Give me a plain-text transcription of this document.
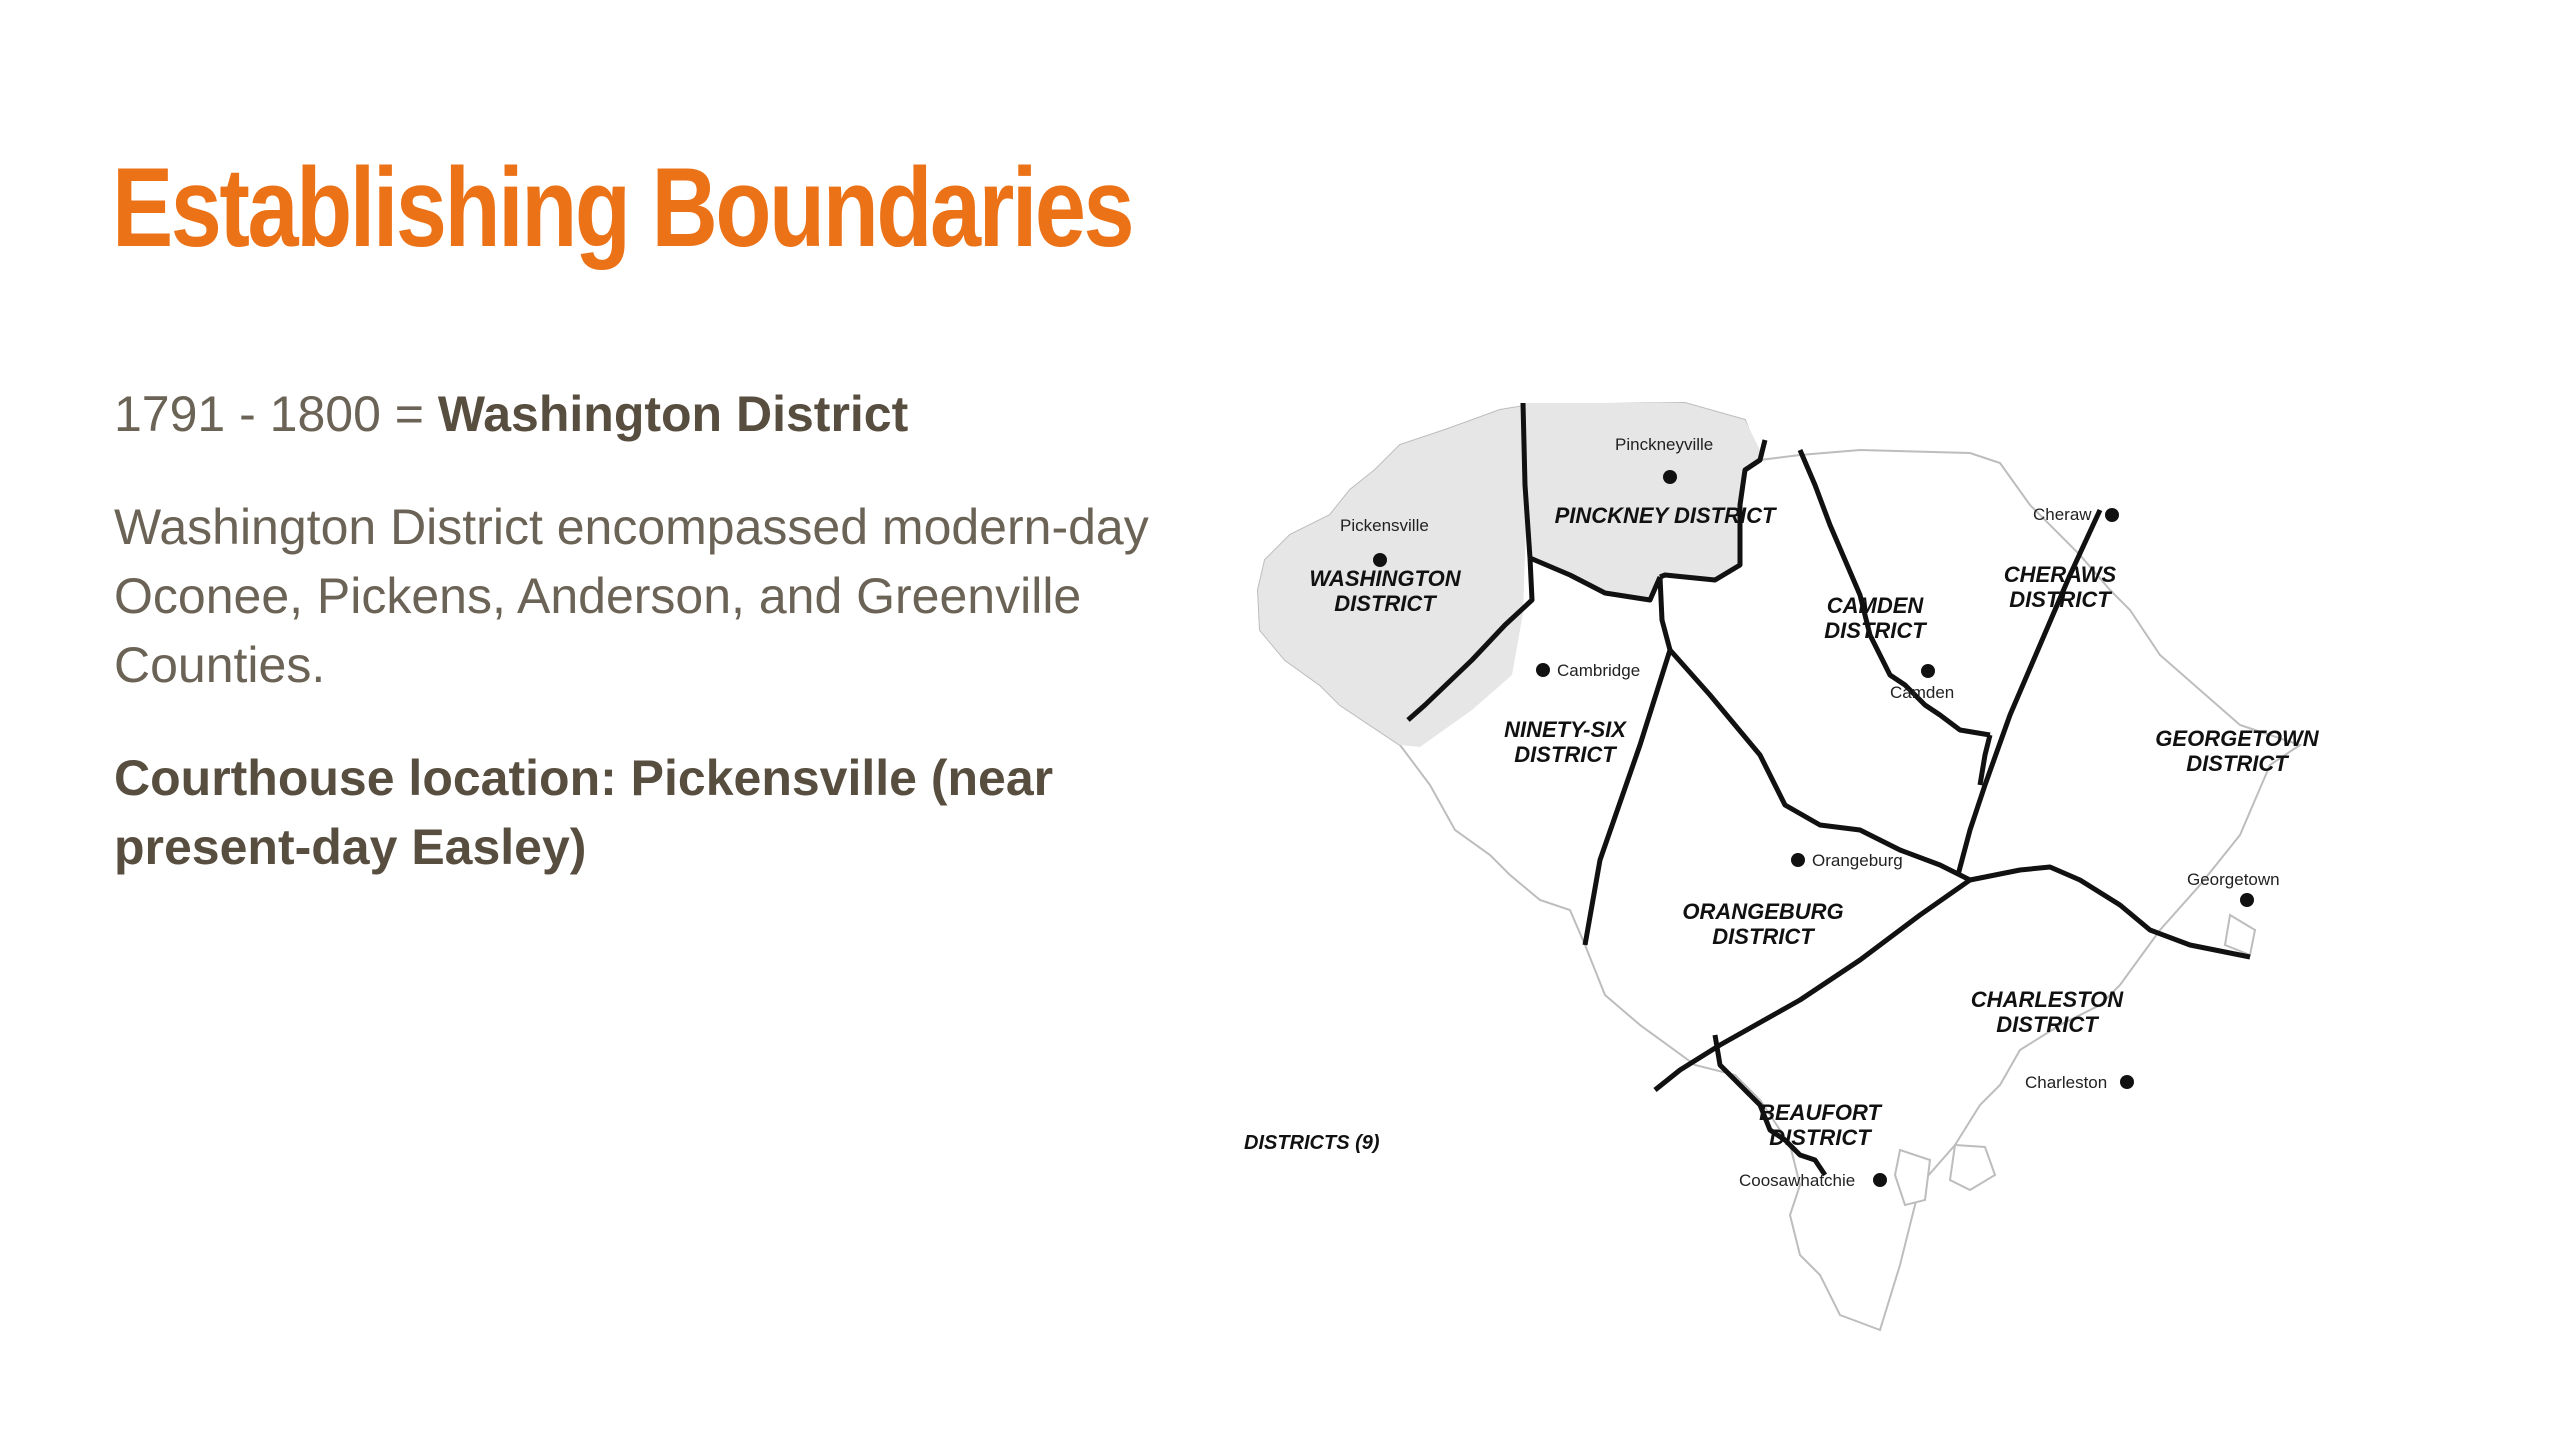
Establishing Boundaries

1791 - 1800 = Washington District

Washington District encompassed modern-day Oconee, Pickens, Anderson, and Greenville Counties.

Courthouse location: Pickensville (near present-day Easley)

Pickensville
Pinckneyville
Cheraw
Cambridge
Camden
Orangeburg
Georgetown
Charleston
Coosawhatchie
WASHINGTON
DISTRICT
PINCKNEY DISTRICT
NINETY-SIX
DISTRICT
CAMDEN
DISTRICT
CHERAWS
DISTRICT
GEORGETOWN
DISTRICT
ORANGEBURG
DISTRICT
CHARLESTON
DISTRICT
BEAUFORT
DISTRICT
DISTRICTS (9)
